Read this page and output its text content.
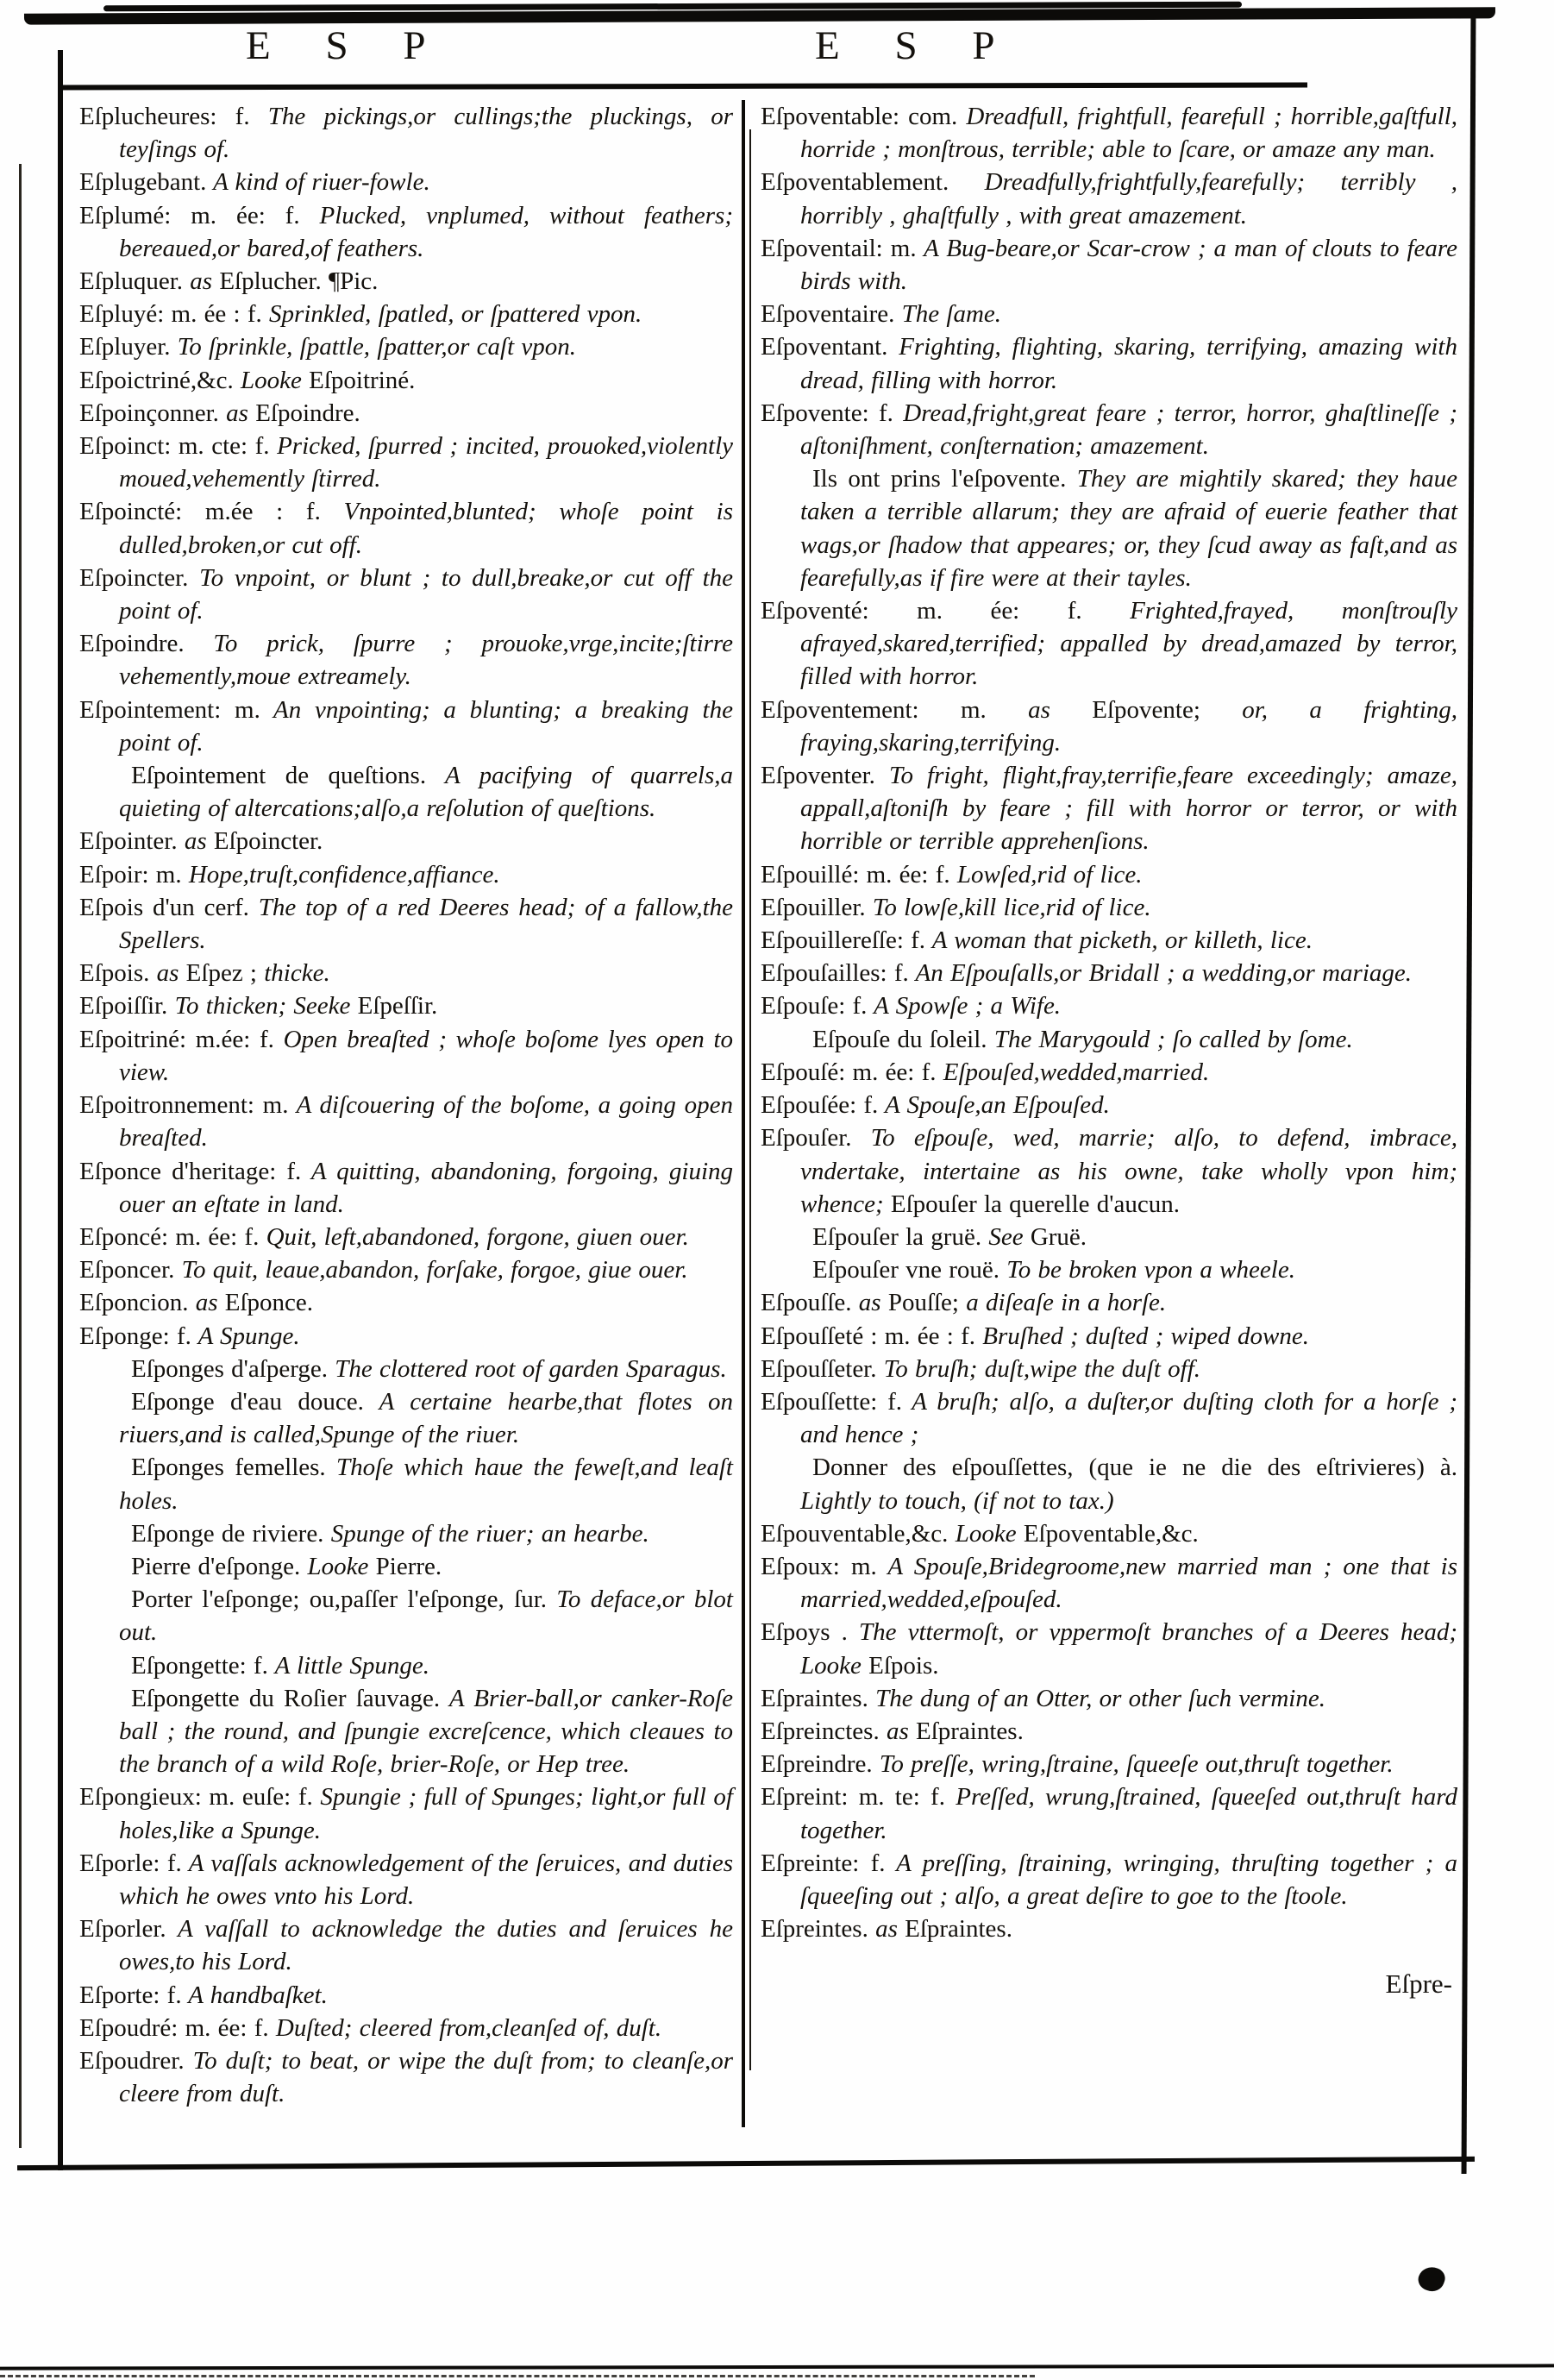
E S P	E S P

Eſplucheures: f. The pickings,or cullings;the pluckings, or teyſings of.

Eſplugebant. A kind of riuer-fowle.

Eſplumé: m. ée: f. Plucked, vnplumed, without feathers; bereaued,or bared,of feathers.

Eſpluquer. as Eſplucher. ¶Pic.

Eſpluyé: m. ée : f. Sprinkled, ſpatled, or ſpattered vpon.

Eſpluyer. To ſprinkle, ſpattle, ſpatter,or caſt vpon.

Eſpoictriné,&c. Looke Eſpoitriné.

Eſpoinçonner. as Eſpoindre.

Eſpoinct: m. cte: f. Pricked, ſpurred ; incited, prouoked,violently moued,vehemently ſtirred.

Eſpoincté: m.ée : f. Vnpointed,blunted; whoſe point is dulled,broken,or cut off.

Eſpoincter. To vnpoint, or blunt ; to dull,breake,or cut off the point of.

Eſpoindre. To prick, ſpurre ; prouoke,vrge,incite;ſtirre vehemently,moue extreamely.

Eſpointement: m. An vnpointing; a blunting; a breaking the point of.

Eſpointement de queſtions. A pacifying of quarrels,a quieting of altercations;alſo,a reſolution of queſtions.

Eſpointer. as Eſpoincter.

Eſpoir: m. Hope,truſt,confidence,affiance.

Eſpois d'un cerf. The top of a red Deeres head; of a fallow,the Spellers.

Eſpois. as Eſpez ; thicke.

Eſpoiſſir. To thicken; Seeke Eſpeſſir.

Eſpoitriné: m.ée: f. Open breaſted ; whoſe boſome lyes open to view.

Eſpoitronnement: m. A diſcouering of the boſome, a going open breaſted.

Eſponce d'heritage: f. A quitting, abandoning, forgoing, giuing ouer an eſtate in land.

Eſponcé: m. ée: f. Quit, left,abandoned, forgone, giuen ouer.

Eſponcer. To quit, leaue,abandon, forſake, forgoe, giue ouer.

Eſponcion. as Eſponce.

Eſponge: f. A Spunge.

Eſponges d'aſperge. The clottered root of garden Sparagus.

Eſponge d'eau douce. A certaine hearbe,that flotes on riuers,and is called,Spunge of the riuer.

Eſponges femelles. Thoſe which haue the feweſt,and leaſt holes.

Eſponge de riviere. Spunge of the riuer; an hearbe.

Pierre d'eſponge. Looke Pierre.

Porter l'eſponge; ou,paſſer l'eſponge, ſur. To deface,or blot out.

Eſpongette: f. A little Spunge.

Eſpongette du Roſier ſauvage. A Brier-ball,or canker-Roſe ball ; the round, and ſpungie excreſcence, which cleaues to the branch of a wild Roſe, brier-Roſe, or Hep tree.

Eſpongieux: m. euſe: f. Spungie ; full of Spunges; light,or full of holes,like a Spunge.

Eſporle: f. A vaſſals acknowledgement of the ſeruices, and duties which he owes vnto his Lord.

Eſporler. A vaſſall to acknowledge the duties and ſeruices he owes,to his Lord.

Eſporte: f. A handbaſket.

Eſpoudré: m. ée: f. Duſted; cleered from,cleanſed of, duſt.

Eſpoudrer. To duſt; to beat, or wipe the duſt from; to cleanſe,or cleere from duſt.

Eſpoventable: com. Dreadfull, frightfull, fearefull ; horrible,gaſtfull, horride ; monſtrous, terrible; able to ſcare, or amaze any man.

Eſpoventablement. Dreadfully,frightfully,fearefully; terribly , horribly , ghaſtfully , with great amazement.

Eſpoventail: m. A Bug-beare,or Scar-crow ; a man of clouts to feare birds with.

Eſpoventaire. The ſame.

Eſpoventant. Frighting, flighting, skaring, terrifying, amazing with dread, filling with horror.

Eſpovente: f. Dread,fright,great feare ; terror, horror, ghaſtlineſſe ; aſtoniſhment, conſternation; amazement.

Ils ont prins l'eſpovente. They are mightily skared; they haue taken a terrible allarum; they are afraid of euerie feather that wags,or ſhadow that appeares; or, they ſcud away as faſt,and as fearefully,as if fire were at their tayles.

Eſpoventé: m. ée: f. Frighted,frayed, monſtrouſly afrayed,skared,terrified; appalled by dread,amazed by terror, filled with horror.

Eſpoventement: m. as Eſpovente; or, a frighting, fraying,skaring,terrifying.

Eſpoventer. To fright, flight,fray,terrifie,feare exceedingly; amaze, appall,aſtoniſh by feare ; fill with horror or terror, or with horrible or terrible apprehenſions.

Eſpouillé: m. ée: f. Lowſed,rid of lice.

Eſpouiller. To lowſe,kill lice,rid of lice.

Eſpouillereſſe: f. A woman that picketh, or killeth, lice.

Eſpouſailles: f. An Eſpouſalls,or Bridall ; a wedding,or mariage.

Eſpouſe: f. A Spowſe ; a Wife.

Eſpouſe du ſoleil. The Marygould ; ſo called by ſome.

Eſpouſé: m. ée: f. Eſpouſed,wedded,married.

Eſpouſée: f. A Spouſe,an Eſpouſed.

Eſpouſer. To eſpouſe, wed, marrie; alſo, to defend, imbrace, vndertake, intertaine as his owne, take wholly vpon him; whence; Eſpouſer la querelle d'aucun.

Eſpouſer la gruë. See Gruë.

Eſpouſer vne rouë. To be broken vpon a wheele.

Eſpouſſe. as Pouſſe; a diſeaſe in a horſe.

Eſpouſſeté : m. ée : f. Bruſhed ; duſted ; wiped downe.

Eſpouſſeter. To bruſh; duſt,wipe the duſt off.

Eſpouſſette: f. A bruſh; alſo, a duſter,or duſting cloth for a horſe ; and hence ;

Donner des eſpouſſettes, (que ie ne die des eſtrivieres) à. Lightly to touch, (if not to tax.)

Eſpouventable,&c. Looke Eſpoventable,&c.

Eſpoux: m. A Spouſe,Bridegroome,new married man ; one that is married,wedded,eſpouſed.

Eſpoys . The vttermoſt, or vppermoſt branches of a Deeres head; Looke Eſpois.

Eſpraintes. The dung of an Otter, or other ſuch vermine.

Eſpreinctes. as Eſpraintes.

Eſpreindre. To preſſe, wring,ſtraine, ſqueeſe out,thruſt together.

Eſpreint: m. te: f. Preſſed, wrung,ſtrained, ſqueeſed out,thruſt hard together.

Eſpreinte: f. A preſſing, ſtraining, wringing, thruſting together ; a ſqueeſing out ; alſo, a great deſire to goe to the ſtoole.

Eſpreintes. as Eſpraintes.

Eſpre-
